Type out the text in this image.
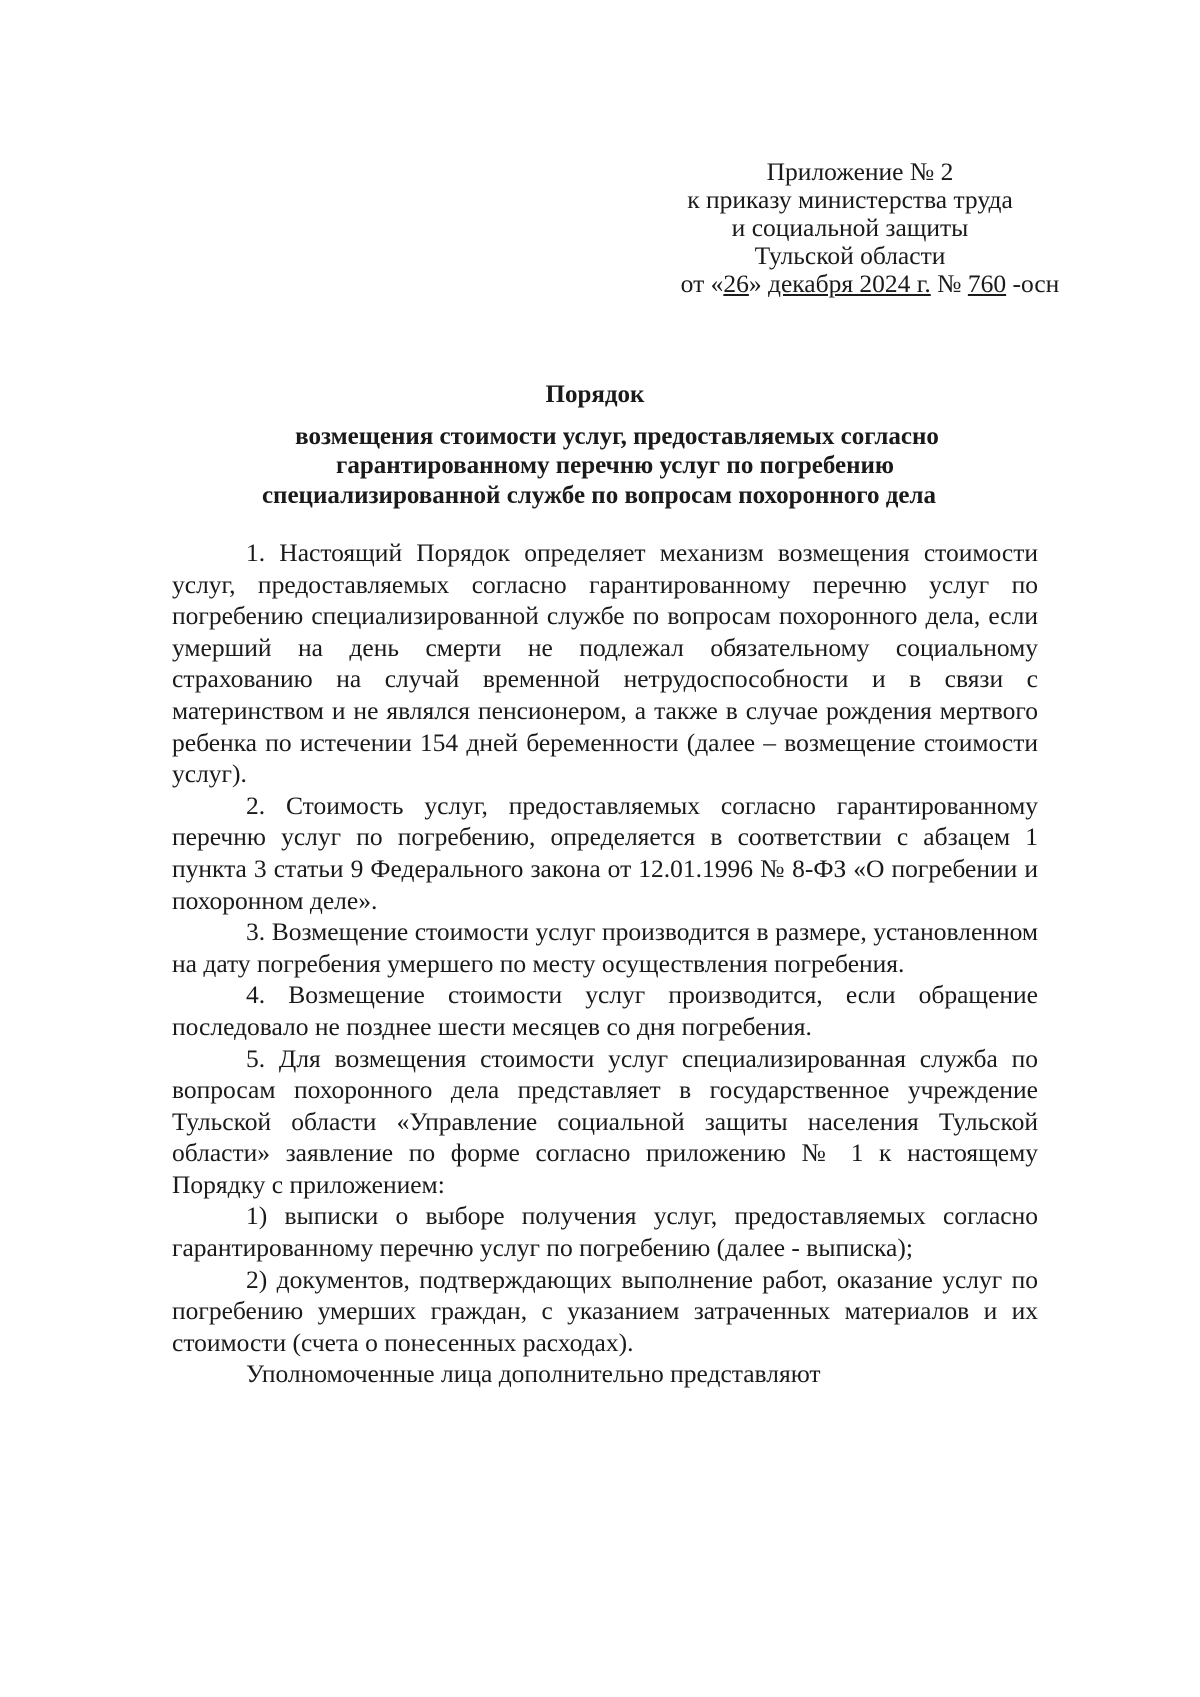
Приложение № 2
к приказу министерства труда
и социальной защиты
Тульской области
от «26» декабря 2024 г. № 760 -осн
Порядок
возмещения стоимости услуг, предоставляемых согласно
гарантированному перечню услуг по погребению
специализированной службе по вопросам похоронного дела

1. Настоящий Порядок определяет механизм возмещения стоимости услуг, предоставляемых согласно гарантированному перечню услуг по погребению специализированной службе по вопросам похоронного дела, если умерший на день смерти не подлежал обязательному социальному страхованию на случай временной нетрудоспособности и в связи с материнством и не являлся пенсионером, а также в случае рождения мертвого ребенка по истечении 154 дней беременности (далее – возмещение стоимости услуг).

2. Стоимость услуг, предоставляемых согласно гарантированному перечню услуг по погребению, определяется в соответствии с абзацем 1 пункта 3 статьи 9 Федерального закона от 12.01.1996 № 8-ФЗ «О погребении и похоронном деле».

3. Возмещение стоимости услуг производится в размере, установленном на дату погребения умершего по месту осуществления погребения.

4. Возмещение стоимости услуг производится, если обращение последовало не позднее шести месяцев со дня погребения.

5. Для возмещения стоимости услуг специализированная служба по вопросам похоронного дела представляет в государственное учреждение Тульской области «Управление социальной защиты населения Тульской области» заявление по форме согласно приложению № 1 к настоящему Порядку с приложением:

1) выписки о выборе получения услуг, предоставляемых согласно гарантированному перечню услуг по погребению (далее - выписка);

2) документов, подтверждающих выполнение работ, оказание услуг по погребению умерших граждан, с указанием затраченных материалов и их стоимости (счета о понесенных расходах).

Уполномоченные лица дополнительно представляют
